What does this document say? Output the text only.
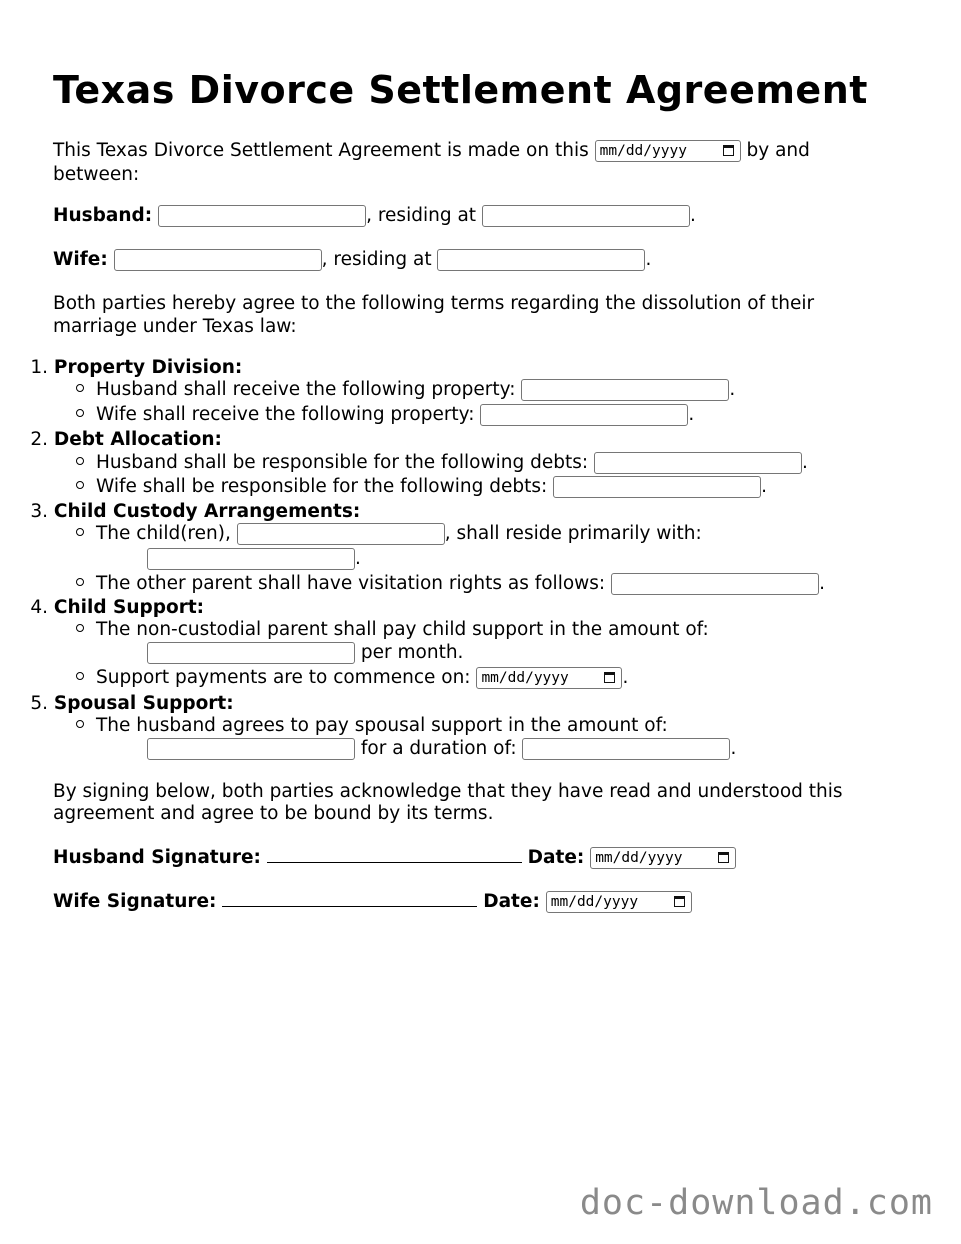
Texas Divorce Settlement Agreement
This Texas Divorce Settlement Agreement is made on this mm/dd/yyyy	by and
between:
Husband:	, residing at	.
Wife:	, residing at	.
Both parties hereby agree to the following terms regarding the dissolution of their
marriage under Texas law:
1. Property Division:
Husband shall receive the following property:	.
Wife shall receive the following property:	.
2. Debt Allocation:
Husband shall be responsible for the following debts:	.
Wife shall be responsible for the following debts:	.
3. Child Custody Arrangements:
The child(ren),	, shall reside primarily with:
.
The other parent shall have visitation rights as follows:	.
4. Child Support:
The non-custodial parent shall pay child support in the amount of:
per month.
Support payments are to commence on: mm/dd/yyyy	.
5. Spousal Support:
The husband agrees to pay spousal support in the amount of:
for a duration of:	.
By signing below, both parties acknowledge that they have read and understood this
agreement and agree to be bound by its terms.
Husband Signature:	Date: mm/dd/yyyy
Wife Signature:	Date: mm/dd/yyyy
doc-download.com
